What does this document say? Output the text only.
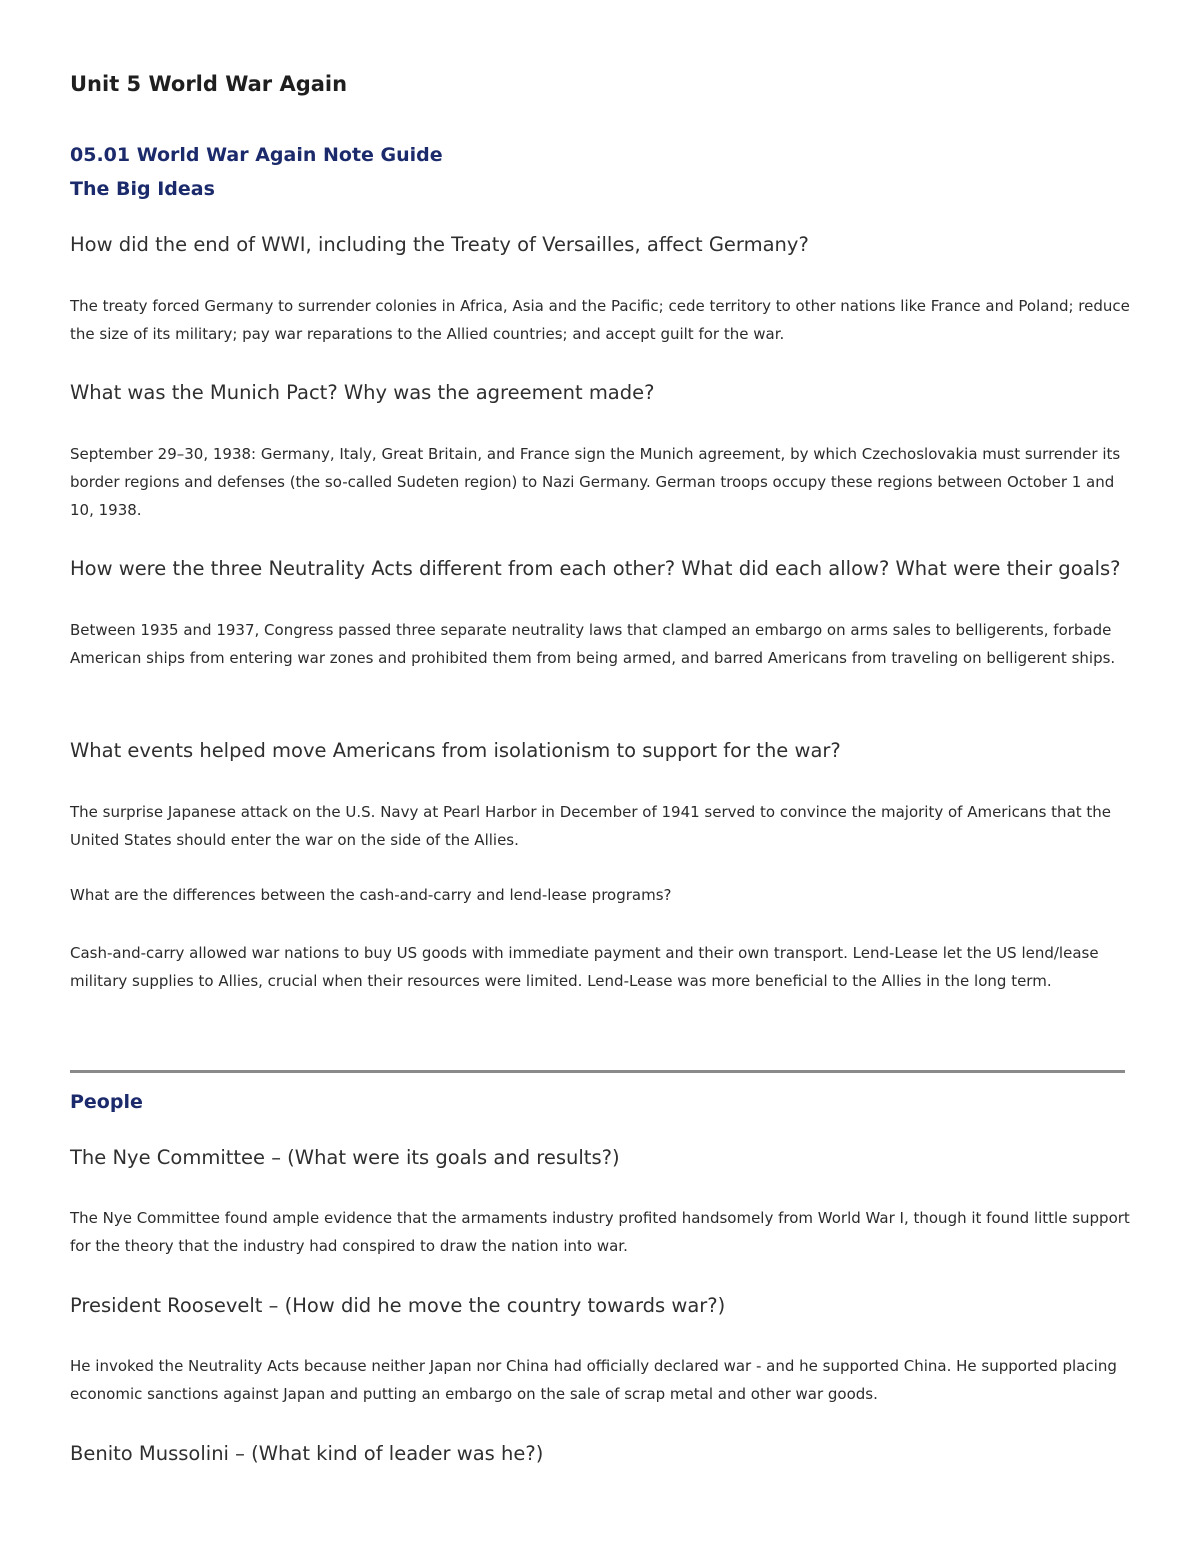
Unit 5 World War Again
05.01 World War Again Note Guide
The Big Ideas
How did the end of WWI, including the Treaty of Versailles, affect Germany?
The treaty forced Germany to surrender colonies in Africa, Asia and the Pacific; cede territory to other nations like France and Poland; reduce the size of its military; pay war reparations to the Allied countries; and accept guilt for the war.
What was the Munich Pact? Why was the agreement made?
September 29–30, 1938: Germany, Italy, Great Britain, and France sign the Munich agreement, by which Czechoslovakia must surrender its border regions and defenses (the so-called Sudeten region) to Nazi Germany. German troops occupy these regions between October 1 and 10, 1938.
How were the three Neutrality Acts different from each other? What did each allow? What were their goals?
Between 1935 and 1937, Congress passed three separate neutrality laws that clamped an embargo on arms sales to belligerents, forbade American ships from entering war zones and prohibited them from being armed, and barred Americans from traveling on belligerent ships.
What events helped move Americans from isolationism to support for the war?
The surprise Japanese attack on the U.S. Navy at Pearl Harbor in December of 1941 served to convince the majority of Americans that the United States should enter the war on the side of the Allies.
What are the differences between the cash-and-carry and lend-lease programs?
Cash-and-carry allowed war nations to buy US goods with immediate payment and their own transport. Lend-Lease let the US lend/lease military supplies to Allies, crucial when their resources were limited. Lend-Lease was more beneficial to the Allies in the long term.
People
The Nye Committee – (What were its goals and results?)
The Nye Committee found ample evidence that the armaments industry profited handsomely from World War I, though it found little support for the theory that the industry had conspired to draw the nation into war.
President Roosevelt – (How did he move the country towards war?)
He invoked the Neutrality Acts because neither Japan nor China had officially declared war - and he supported China. He supported placing economic sanctions against Japan and putting an embargo on the sale of scrap metal and other war goods.
Benito Mussolini – (What kind of leader was he?)
